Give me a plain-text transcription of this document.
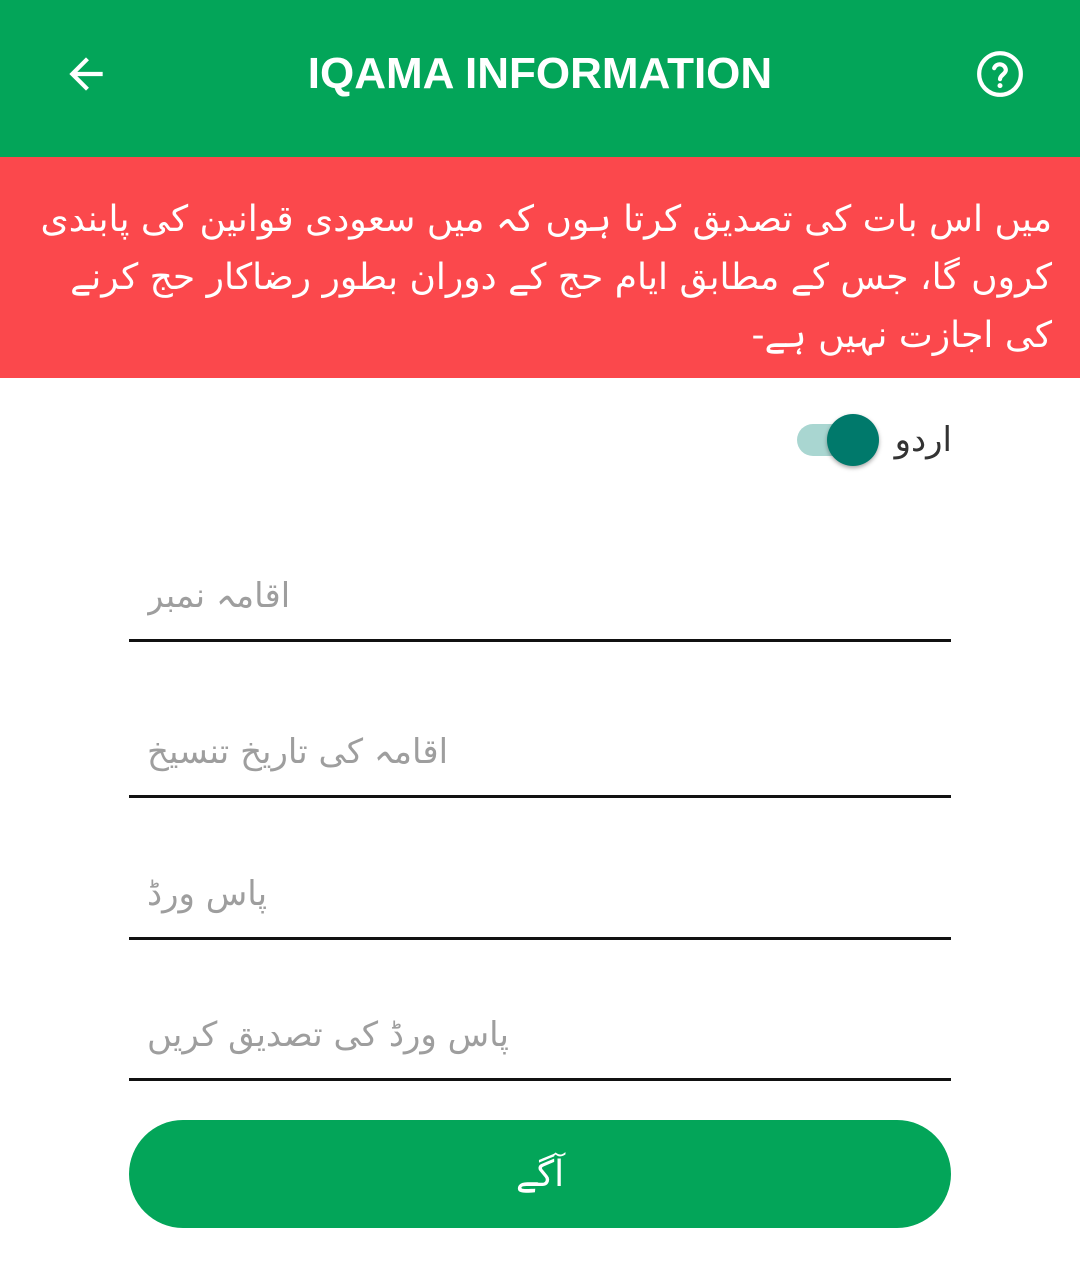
IQAMA INFORMATION
میں اس بات کی تصدیق کرتا ہوں کہ میں سعودی قوانین کی پابندی کروں گا، جس کے مطابق ایام حج کے دوران بطور رضاکار حج کرنے کی اجازت نہیں ہے-
اردو
اقامہ نمبر
اقامہ کی تاریخ تنسیخ
آگے
